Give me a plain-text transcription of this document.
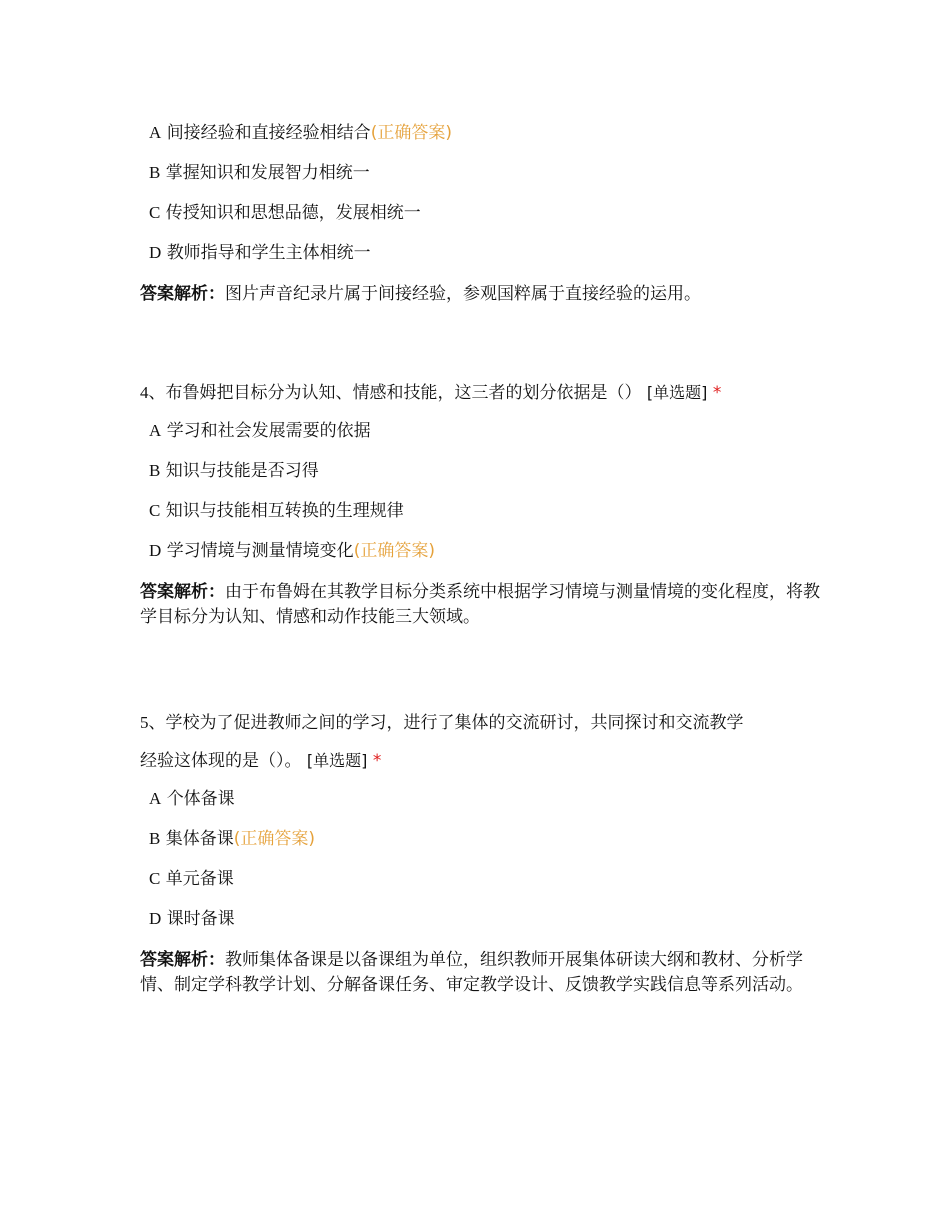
A 间接经验和直接经验相结合(正确答案)
B 掌握知识和发展智力相统一
C 传授知识和思想品德，发展相统一
D 教师指导和学生主体相统一
答案解析：图片声音纪录片属于间接经验，参观国粹属于直接经验的运用。
4、布鲁姆把目标分为认知、情感和技能，这三者的划分依据是（） [单选题] *
A 学习和社会发展需要的依据
B 知识与技能是否习得
C 知识与技能相互转换的生理规律
D 学习情境与测量情境变化(正确答案)
答案解析：由于布鲁姆在其教学目标分类系统中根据学习情境与测量情境的变化程度，将教学目标分为认知、情感和动作技能三大领域。
5、学校为了促进教师之间的学习，进行了集体的交流研讨，共同探讨和交流教学
经验这体现的是（）。 [单选题] *
A 个体备课
B 集体备课(正确答案)
C 单元备课
D 课时备课
答案解析：教师集体备课是以备课组为单位，组织教师开展集体研读大纲和教材、分析学情、制定学科教学计划、分解备课任务、审定教学设计、反馈教学实践信息等系列活动。
